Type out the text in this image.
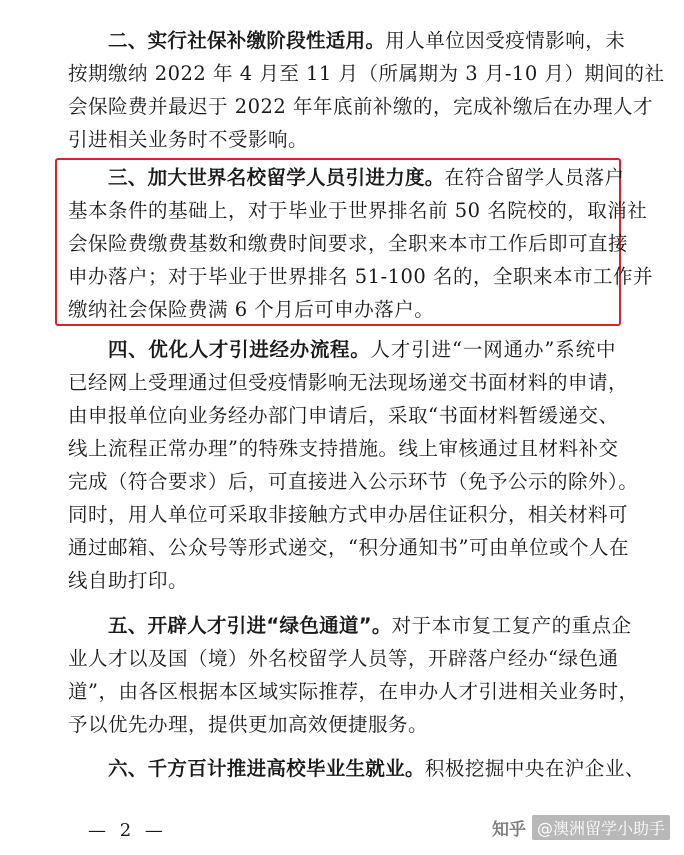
二、实行社保补缴阶段性适用。用人单位因受疫情影响，未
按期缴纳 2022 年 4 月至 11 月（所属期为 3 月-10 月）期间的社
会保险费并最迟于 2022 年年底前补缴的，完成补缴后在办理人才
引进相关业务时不受影响。
三、加大世界名校留学人员引进力度。在符合留学人员落户
基本条件的基础上，对于毕业于世界排名前 50 名院校的，取消社
会保险费缴费基数和缴费时间要求，全职来本市工作后即可直接
申办落户；对于毕业于世界排名 51-100 名的，全职来本市工作并
缴纳社会保险费满 6 个月后可申办落户。
四、优化人才引进经办流程。人才引进“一网通办”系统中
已经网上受理通过但受疫情影响无法现场递交书面材料的申请，
由申报单位向业务经办部门申请后，采取“书面材料暂缓递交、
线上流程正常办理”的特殊支持措施。线上审核通过且材料补交
完成（符合要求）后，可直接进入公示环节（免予公示的除外）。
同时，用人单位可采取非接触方式申办居住证积分，相关材料可
通过邮箱、公众号等形式递交，“积分通知书”可由单位或个人在
线自助打印。
五、开辟人才引进“绿色通道”。对于本市复工复产的重点企
业人才以及国（境）外名校留学人员等，开辟落户经办“绿色通
道”，由各区根据本区域实际推荐，在申办人才引进相关业务时，
予以优先办理，提供更加高效便捷服务。
六、千方百计推进高校毕业生就业。积极挖掘中央在沪企业、
— 2 —	知乎 @澳洲留学小助手
